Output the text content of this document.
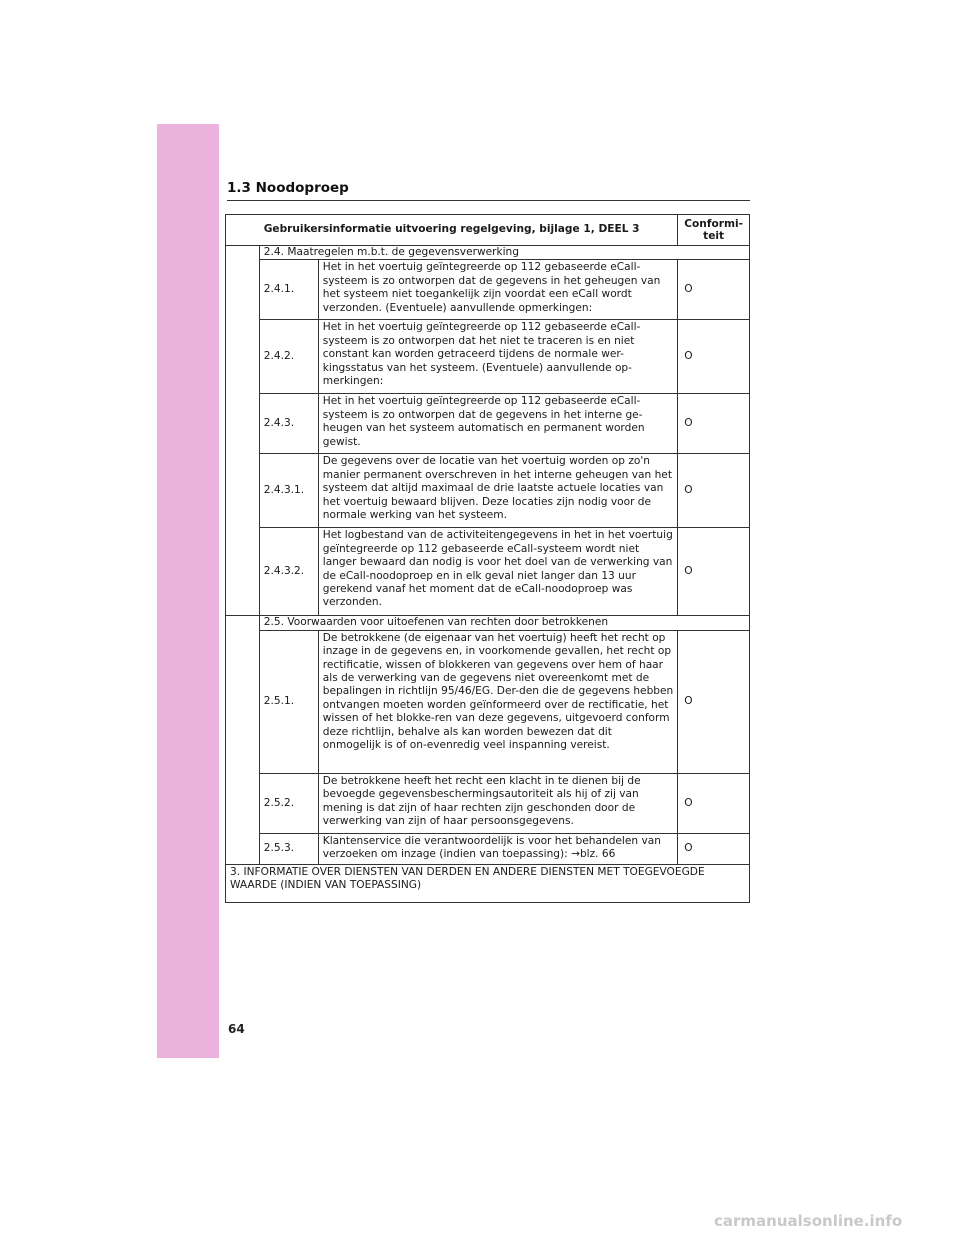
1.3 Noodoproep
Gebruikersinformatie uitvoering regelgeving, bijlage 1, DEEL 3			Conformi-
teit
	2.4. Maatregelen m.b.t. de gegevensverwerking		
	2.4.1.	Het in het voertuig geïntegreerde op 112 gebaseerde eCall-systeem is zo ontworpen dat de gegevens in het geheugen van het systeem niet toegankelijk zijn voordat een eCall wordt verzonden. (Eventuele) aanvullende opmerkingen:	O
	2.4.2.	Het in het voertuig geïntegreerde op 112 gebaseerde eCall-systeem is zo ontworpen dat het niet te traceren is en niet constant kan worden getraceerd tijdens de normale wer-kingsstatus van het systeem. (Eventuele) aanvullende op-merkingen:	O
	2.4.3.	Het in het voertuig geïntegreerde op 112 gebaseerde eCall-systeem is zo ontworpen dat de gegevens in het interne ge-heugen van het systeem automatisch en permanent worden gewist.	O
	2.4.3.1.	De gegevens over de locatie van het voertuig worden op zo'n manier permanent overschreven in het interne geheugen van het systeem dat altijd maximaal de drie laatste actuele locaties van het voertuig bewaard blijven. Deze locaties zijn nodig voor de normale werking van het systeem.	O
	2.4.3.2.	Het logbestand van de activiteitengegevens in het in het voertuig geïntegreerde op 112 gebaseerde eCall-systeem wordt niet langer bewaard dan nodig is voor het doel van de verwerking van de eCall-noodoproep en in elk geval niet langer dan 13 uur gerekend vanaf het moment dat de eCall-noodoproep was verzonden.	O
	2.5. Voorwaarden voor uitoefenen van rechten door betrokkenen		
	2.5.1.	De betrokkene (de eigenaar van het voertuig) heeft het recht op inzage in de gegevens en, in voorkomende gevallen, het recht op rectificatie, wissen of blokkeren van gegevens over hem of haar als de verwerking van de gegevens niet overeenkomt met de bepalingen in richtlijn 95/46/EG. Der-den die de gegevens hebben ontvangen moeten worden geïnformeerd over de rectificatie, het wissen of het blokke-ren van deze gegevens, uitgevoerd conform deze richtlijn, behalve als kan worden bewezen dat dit onmogelijk is of on-evenredig veel inspanning vereist.	O
	2.5.2.	De betrokkene heeft het recht een klacht in te dienen bij de bevoegde gegevensbeschermingsautoriteit als hij of zij van mening is dat zijn of haar rechten zijn geschonden door de verwerking van zijn of haar persoonsgegevens.	O
	2.5.3.	Klantenservice die verantwoordelijk is voor het behandelen van verzoeken om inzage (indien van toepassing): →blz. 66	O
3. INFORMATIE OVER DIENSTEN VAN DERDEN EN ANDERE DIENSTEN MET TOEGEVOEGDE WAARDE (INDIEN VAN TOEPASSING)			
64
carmanualsonline.info
